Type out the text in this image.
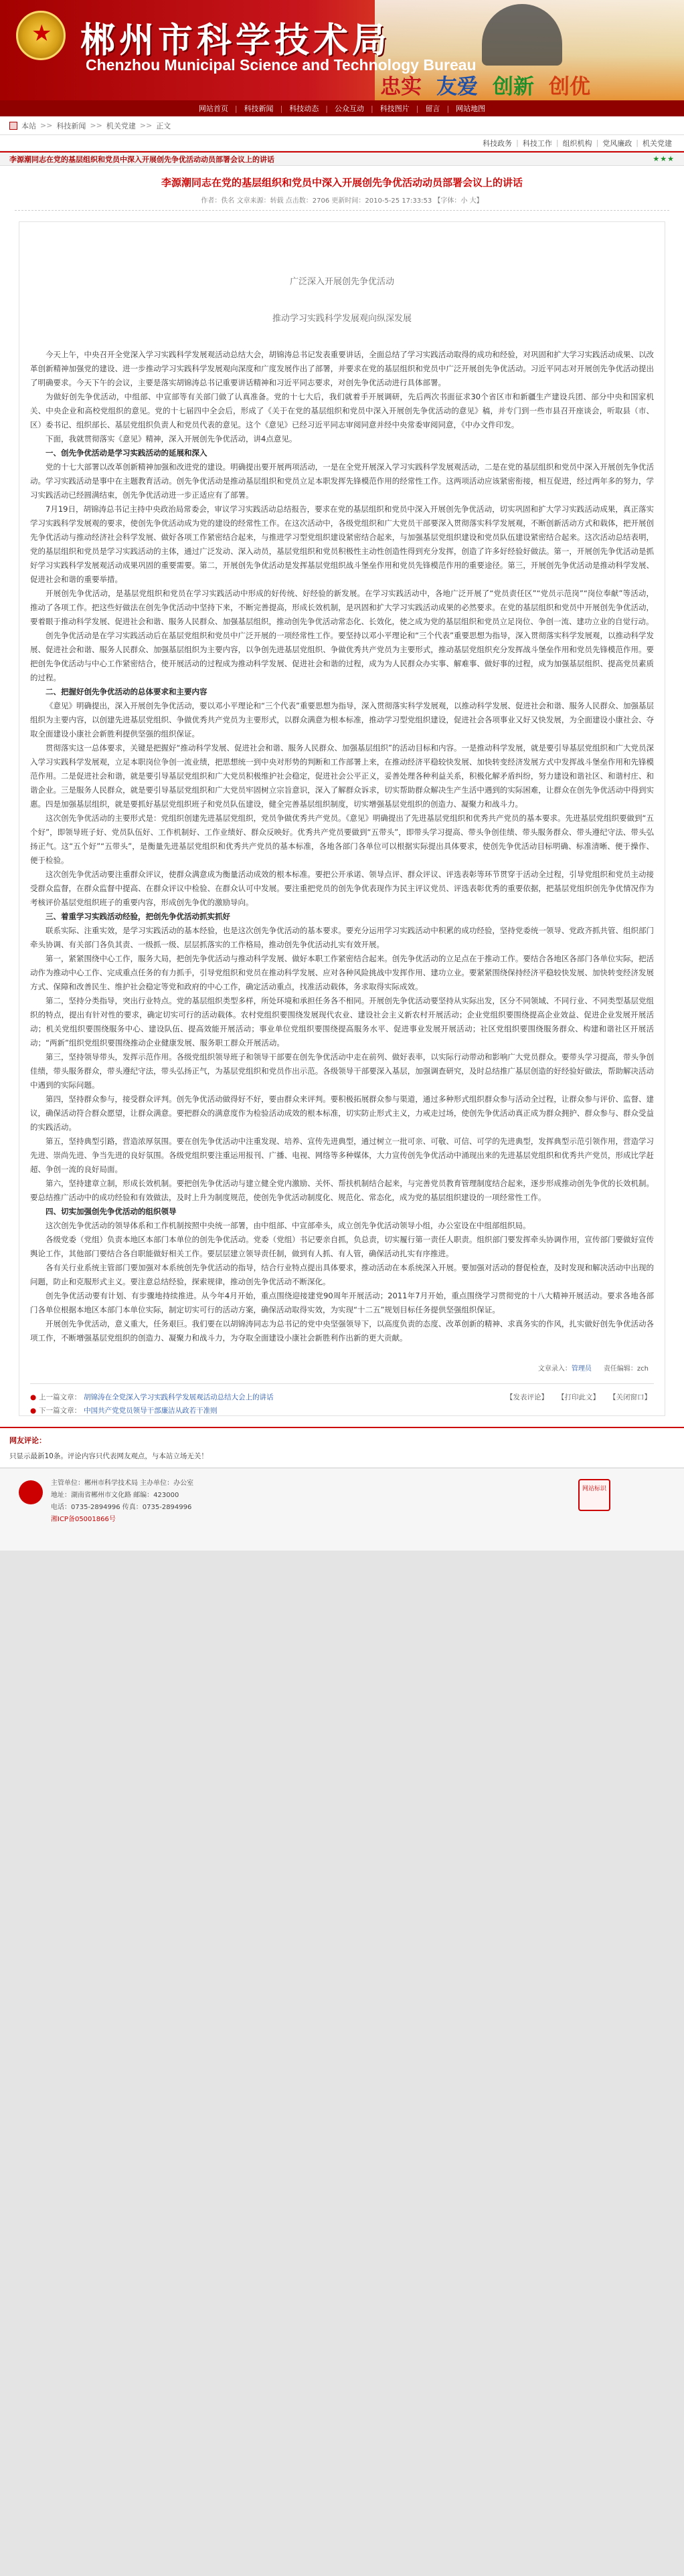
★ 郴州市科学技术局
Chenzhou Municipal Science and Technology Bureau
忠实 友爱 创新 创优
网站首页 | 科技新闻 | 科技动态 | 公众互动 | 科技图片 | 留言 | 网站地图
本站 >> 科技新闻 >> 机关党建 >> 正文
科技政务 | 科技工作 | 组织机构 | 党风廉政 | 机关党建
李源潮同志在党的基层组织和党员中深入开展创先争优活动动员部署会议上的讲话	★★★
李源潮同志在党的基层组织和党员中深入开展创先争优活动动员部署会议上的讲话
作者：佚名 文章来源：转载 点击数：2706 更新时间：2010-5-25 17:33:53 【字体：小 大】
广泛深入开展创先争优活动
推动学习实践科学发展观向纵深发展

今天上午，中央召开全党深入学习实践科学发展观活动总结大会，胡锦涛总书记发表重要讲话，全面总结了学习实践活动取得的成功和经验，对巩固和扩大学习实践活动成果、以改革创新精神加强党的建设、进一步推动学习实践科学发展观向深度和广度发展作出了部署，并要求在党的基层组织和党员中广泛开展创先争优活动。习近平同志对开展创先争优活动提出了明确要求。今天下午的会议，主要是落实胡锦涛总书记重要讲话精神和习近平同志要求，对创先争优活动进行具体部署。

为做好创先争优活动，中组部、中宣部等有关部门做了认真准备。党的十七大后，我们就着手开展调研，先后两次书面征求30个省区市和新疆生产建设兵团、部分中央和国家机关、中央企业和高校党组织的意见。党的十七届四中全会后，形成了《关于在党的基层组织和党员中深入开展创先争优活动的意见》稿，并专门到一些市县召开座谈会，听取县（市、区）委书记、组织部长、基层党组织负责人和党员代表的意见。这个《意见》已经习近平同志审阅同意并经中央常委审阅同意，《中办文件印发。

下面，我就贯彻落实《意见》精神，深入开展创先争优活动，讲4点意见。

一、创先争优活动是学习实践活动的延展和深入

党的十七大部署以改革创新精神加强和改进党的建设。明确提出要开展两项活动，一是在全党开展深入学习实践科学发展观活动，二是在党的基层组织和党员中深入开展创先争优活动。学习实践活动是事中在主题教育活动。创先争优活动是推动基层组织和党员立足本职发挥先锋模范作用的经常性工作。这两项活动应该紧密衔接，相互促进，经过两年多的努力，学习实践活动已经圆满结束，创先争优活动进一步正适应有了部署。

7月19日，胡锦涛总书记主持中央政治局常委会，审议学习实践活动总结报告，要求在党的基层组织和党员中深入开展创先争优活动，切实巩固和扩大学习实践活动成果，真正落实学习实践科学发展观的要求，使创先争优活动成为党的建设的经常性工作。在这次活动中，各级党组织和广大党员干部要深入贯彻落实科学发展观，不断创新活动方式和载体，把开展创先争优活动与推动经济社会科学发展、做好各项工作紧密结合起来，与推进学习型党组织建设紧密结合起来，与加强基层党组织建设和党员队伍建设紧密结合起来。这次活动总结表明，党的基层组织和党员是学习实践活动的主体，通过广泛发动、深入动员，基层党组织和党员积极性主动性创造性得到充分发挥，创造了许多好经验好做法。第一，开展创先争优活动是抓好学习实践科学发展观活动成果巩固的重要需要。第二，开展创先争优活动是发挥基层党组织战斗堡垒作用和党员先锋模范作用的重要途径。第三，开展创先争优活动是推动科学发展、促进社会和谐的重要举措。

开展创先争优活动，是基层党组织和党员在学习实践活动中形成的好传统、好经验的新发展。在学习实践活动中，各地广泛开展了“党员责任区”“党员示范岗”“岗位奉献”等活动，推动了各项工作。把这些好做法在创先争优活动中坚持下来，不断完善提高，形成长效机制，是巩固和扩大学习实践活动成果的必然要求。在党的基层组织和党员中开展创先争优活动，要着眼于推动科学发展、促进社会和谐、服务人民群众、加强基层组织，推动创先争优活动常态化、长效化，使之成为党的基层组织和党员立足岗位、争创一流、建功立业的自觉行动。

创先争优活动是在学习实践活动后在基层党组织和党员中广泛开展的一项经常性工作。要坚持以邓小平理论和“三个代表”重要思想为指导，深入贯彻落实科学发展观，以推动科学发展、促进社会和谐、服务人民群众、加强基层组织为主要内容，以争创先进基层党组织、争做优秀共产党员为主要形式，推动基层党组织充分发挥战斗堡垒作用和党员先锋模范作用。要把创先争优活动与中心工作紧密结合，使开展活动的过程成为推动科学发展、促进社会和谐的过程，成为为人民群众办实事、解难事、做好事的过程，成为加强基层组织、提高党员素质的过程。

二、把握好创先争优活动的总体要求和主要内容

《意见》明确提出，深入开展创先争优活动，要以邓小平理论和“三个代表”重要思想为指导，深入贯彻落实科学发展观，以推动科学发展、促进社会和谐、服务人民群众、加强基层组织为主要内容，以创建先进基层党组织、争做优秀共产党员为主要形式，以群众满意为根本标准，推动学习型党组织建设，促进社会各项事业又好又快发展，为全面建设小康社会、夺取全面建设小康社会新胜利提供坚强的组织保证。

贯彻落实这一总体要求，关键是把握好“推动科学发展、促进社会和谐、服务人民群众、加强基层组织”的活动目标和内容。一是推动科学发展，就是要引导基层党组织和广大党员深入学习实践科学发展观，立足本职岗位争创一流业绩，把思想统一到中央对形势的判断和工作部署上来，在推动经济平稳较快发展、加快转变经济发展方式中发挥战斗堡垒作用和先锋模范作用。二是促进社会和谐，就是要引导基层党组织和广大党员积极维护社会稳定，促进社会公平正义，妥善处理各种利益关系，积极化解矛盾纠纷，努力建设和谐社区、和谐村庄、和谐企业。三是服务人民群众，就是要引导基层党组织和广大党员牢固树立宗旨意识，深入了解群众诉求，切实帮助群众解决生产生活中遇到的实际困难，让群众在创先争优活动中得到实惠。四是加强基层组织，就是要抓好基层党组织班子和党员队伍建设，健全完善基层组织制度，切实增强基层党组织的创造力、凝聚力和战斗力。

这次创先争优活动的主要形式是：党组织创建先进基层党组织，党员争做优秀共产党员。《意见》明确提出了先进基层党组织和优秀共产党员的基本要求。先进基层党组织要做到“五个好”，即领导班子好、党员队伍好、工作机制好、工作业绩好、群众反映好。优秀共产党员要做到“五带头”，即带头学习提高、带头争创佳绩、带头服务群众、带头遵纪守法、带头弘扬正气。这“五个好”“五带头”，是衡量先进基层党组织和优秀共产党员的基本标准，各地各部门各单位可以根据实际提出具体要求，使创先争优活动目标明确、标准清晰、便于操作、便于检验。

这次创先争优活动要注重群众评议，使群众满意成为衡量活动成效的根本标准。要把公开承诺、领导点评、群众评议、评选表彰等环节贯穿于活动全过程，引导党组织和党员主动接受群众监督，在群众监督中提高、在群众评议中检验、在群众认可中发展。要注重把党员的创先争优表现作为民主评议党员、评选表彰优秀的重要依据，把基层党组织创先争优情况作为考核评价基层党组织班子的重要内容，形成创先争优的激励导向。

三、着重学习实践活动经验，把创先争优活动抓实抓好

联系实际、注重实效，是学习实践活动的基本经验，也是这次创先争优活动的基本要求。要充分运用学习实践活动中积累的成功经验，坚持党委统一领导、党政齐抓共管、组织部门牵头协调、有关部门各负其责、一级抓一级、层层抓落实的工作格局，推动创先争优活动扎实有效开展。

第一，紧紧围绕中心工作，服务大局，把创先争优活动与推动科学发展、做好本职工作紧密结合起来。创先争优活动的立足点在于推动工作。要结合各地区各部门各单位实际，把活动作为推动中心工作、完成重点任务的有力抓手，引导党组织和党员在推动科学发展、应对各种风险挑战中发挥作用、建功立业。要紧紧围绕保持经济平稳较快发展、加快转变经济发展方式、保障和改善民生、维护社会稳定等党和政府的中心工作，确定活动重点，找准活动载体，务求取得实际成效。

第二，坚持分类指导，突出行业特点。党的基层组织类型多样，所处环境和承担任务各不相同。开展创先争优活动要坚持从实际出发，区分不同领域、不同行业、不同类型基层党组织的特点，提出有针对性的要求，确定切实可行的活动载体。农村党组织要围绕发展现代农业、建设社会主义新农村开展活动；企业党组织要围绕提高企业效益、促进企业发展开展活动；机关党组织要围绕服务中心、建设队伍、提高效能开展活动；事业单位党组织要围绕提高服务水平、促进事业发展开展活动；社区党组织要围绕服务群众、构建和谐社区开展活动；“两新”组织党组织要围绕推动企业健康发展、服务职工群众开展活动。

第三，坚持领导带头，发挥示范作用。各级党组织领导班子和领导干部要在创先争优活动中走在前列、做好表率，以实际行动带动和影响广大党员群众。要带头学习提高，带头争创佳绩，带头服务群众，带头遵纪守法，带头弘扬正气，为基层党组织和党员作出示范。各级领导干部要深入基层，加强调查研究，及时总结推广基层创造的好经验好做法，帮助解决活动中遇到的实际问题。

第四，坚持群众参与，接受群众评判。创先争优活动做得好不好，要由群众来评判。要积极拓展群众参与渠道，通过多种形式组织群众参与活动全过程，让群众参与评价、监督、建议，确保活动符合群众愿望，让群众满意。要把群众的满意度作为检验活动成效的根本标准，切实防止形式主义，力戒走过场，使创先争优活动真正成为群众拥护、群众参与、群众受益的实践活动。

第五，坚持典型引路，营造浓厚氛围。要在创先争优活动中注重发现、培养、宣传先进典型，通过树立一批可亲、可敬、可信、可学的先进典型，发挥典型示范引领作用，营造学习先进、崇尚先进、争当先进的良好氛围。各级党组织要注重运用报刊、广播、电视、网络等多种媒体，大力宣传创先争优活动中涌现出来的先进基层党组织和优秀共产党员，形成比学赶超、争创一流的良好局面。

第六，坚持建章立制，形成长效机制。要把创先争优活动与建立健全党内激励、关怀、帮扶机制结合起来，与完善党员教育管理制度结合起来，逐步形成推动创先争优的长效机制。要总结推广活动中的成功经验和有效做法，及时上升为制度规范，使创先争优活动制度化、规范化、常态化，成为党的基层组织建设的一项经常性工作。

四、切实加强创先争优活动的组织领导

这次创先争优活动的领导体系和工作机制按照中央统一部署，由中组部、中宣部牵头，成立创先争优活动领导小组，办公室设在中组部组织局。

各级党委（党组）负责本地区本部门本单位的创先争优活动。党委（党组）书记要亲自抓，负总责，切实履行第一责任人职责。组织部门要发挥牵头协调作用，宣传部门要做好宣传舆论工作，其他部门要结合各自职能做好相关工作。要层层建立领导责任制，做到有人抓、有人管，确保活动扎实有序推进。

各有关行业系统主管部门要加强对本系统创先争优活动的指导，结合行业特点提出具体要求，推动活动在本系统深入开展。要加强对活动的督促检查，及时发现和解决活动中出现的问题，防止和克服形式主义。要注意总结经验，探索规律，推动创先争优活动不断深化。

创先争优活动要有计划、有步骤地持续推进。从今年4月开始，重点围绕迎接建党90周年开展活动；2011年7月开始，重点围绕学习贯彻党的十八大精神开展活动。要求各地各部门各单位根据本地区本部门本单位实际，制定切实可行的活动方案，确保活动取得实效，为实现“十二五”规划目标任务提供坚强组织保证。

开展创先争优活动，意义重大，任务艰巨。我们要在以胡锦涛同志为总书记的党中央坚强领导下，以高度负责的态度、改革创新的精神、求真务实的作风，扎实做好创先争优活动各项工作，不断增强基层党组织的创造力、凝聚力和战斗力，为夺取全面建设小康社会新胜利作出新的更大贡献。

文章录入：管理员 责任编辑：zch
● 上一篇文章： 胡锦涛在全党深入学习实践科学发展观活动总结大会上的讲话
● 下一篇文章： 中国共产党党员领导干部廉洁从政若干准则
【发表评论】 【打印此文】 【关闭窗口】
网友评论：
只显示最新10条。评论内容只代表网友观点，与本站立场无关！
主管单位：郴州市科学技术局 主办单位：办公室
地址：湖南省郴州市文化路 邮编：423000
电话：0735-2894996 传真：0735-2894996
湘ICP备05001866号
网站标识
